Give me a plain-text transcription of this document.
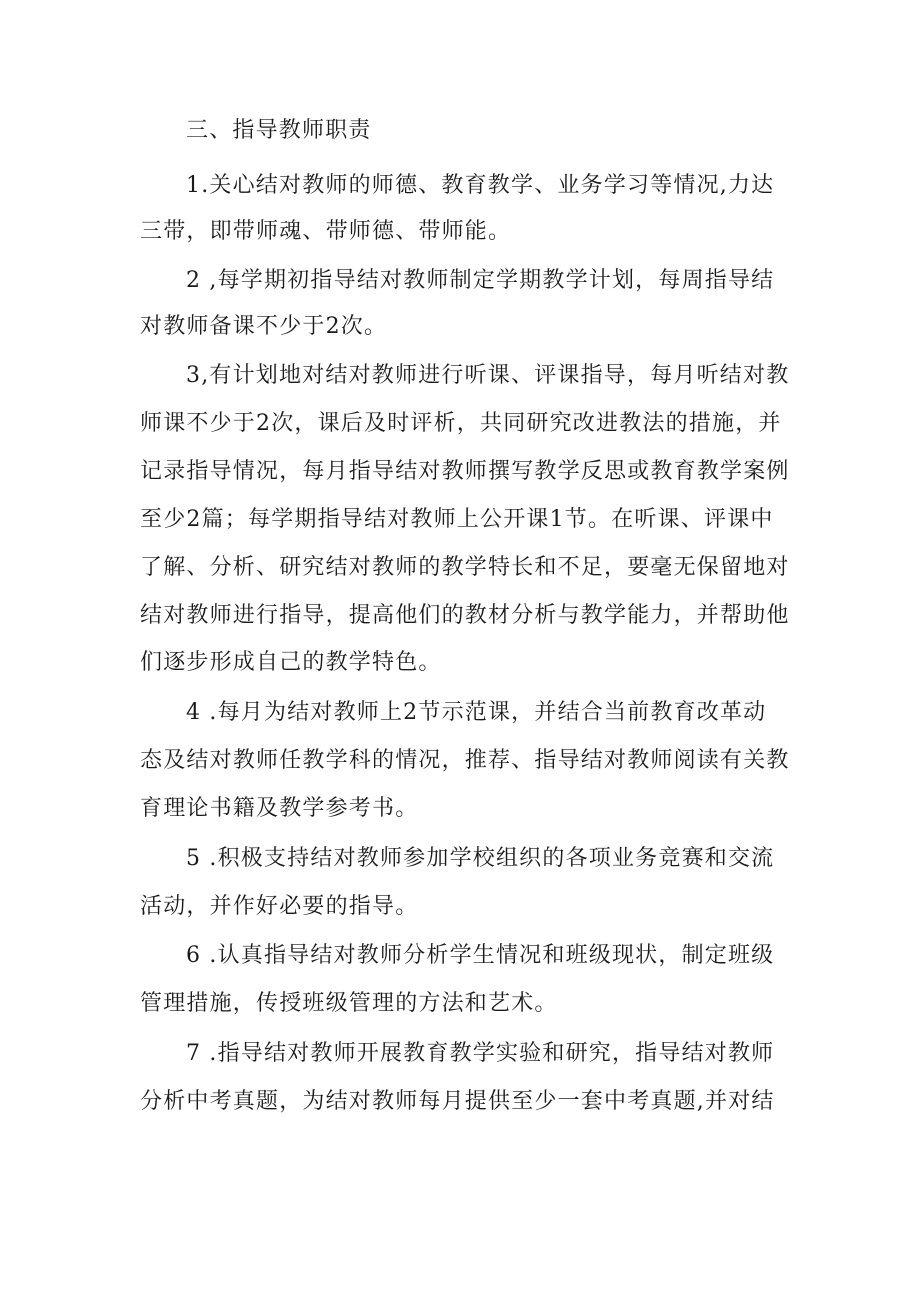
三、指导教师职责
1.关心结对教师的师德、教育教学、业务学习等情况,力达
三带，即带师魂、带师德、带师能。
2 ,每学期初指导结对教师制定学期教学计划，每周指导结
对教师备课不少于2次。
3,有计划地对结对教师进行听课、评课指导，每月听结对教
师课不少于2次，课后及时评析，共同研究改进教法的措施，并
记录指导情况，每月指导结对教师撰写教学反思或教育教学案例
至少2篇；每学期指导结对教师上公开课1节。在听课、评课中
了解、分析、研究结对教师的教学特长和不足，要毫无保留地对
结对教师进行指导，提高他们的教材分析与教学能力，并帮助他
们逐步形成自己的教学特色。
4 .每月为结对教师上2节示范课，并结合当前教育改革动
态及结对教师任教学科的情况，推荐、指导结对教师阅读有关教
育理论书籍及教学参考书。
5 .积极支持结对教师参加学校组织的各项业务竞赛和交流
活动，并作好必要的指导。
6 .认真指导结对教师分析学生情况和班级现状，制定班级
管理措施，传授班级管理的方法和艺术。
7 .指导结对教师开展教育教学实验和研究，指导结对教师
分析中考真题，为结对教师每月提供至少一套中考真题,并对结
